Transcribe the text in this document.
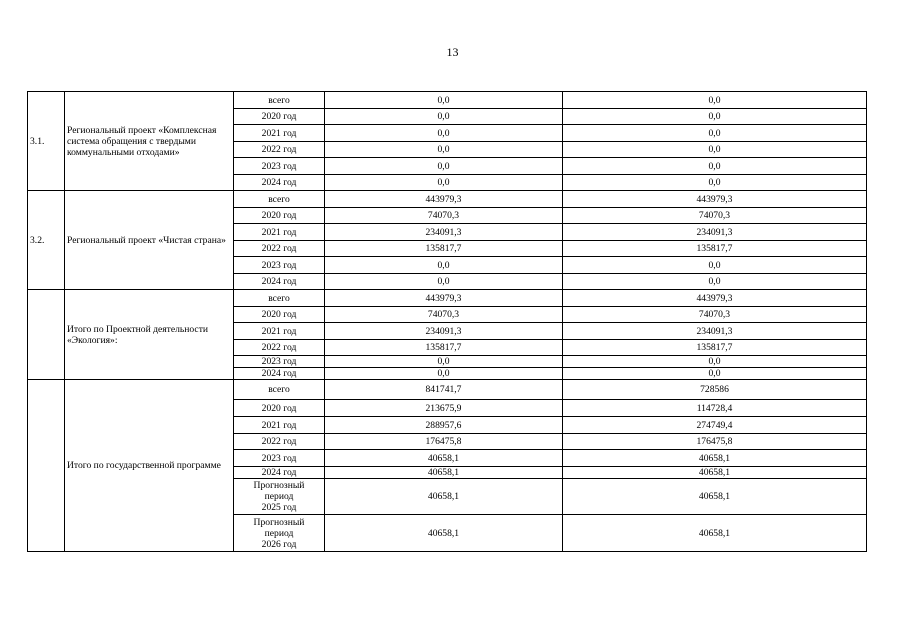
13
3.1.	Региональный проект «Комплексная система обращения с твердыми коммунальными отходами»	всего	0,0	0,0
		2020 год	0,0	0,0
		2021 год	0,0	0,0
		2022 год	0,0	0,0
		2023 год	0,0	0,0
		2024 год	0,0	0,0
3.2.	Региональный проект «Чистая страна»	всего	443979,3	443979,3
		2020 год	74070,3	74070,3
		2021 год	234091,3	234091,3
		2022 год	135817,7	135817,7
		2023 год	0,0	0,0
		2024 год	0,0	0,0
	Итого по Проектной деятельности «Экология»:	всего	443979,3	443979,3
		2020 год	74070,3	74070,3
		2021 год	234091,3	234091,3
		2022 год	135817,7	135817,7
		2023 год	0,0	0,0
		2024 год	0,0	0,0
	Итого по государственной программе	всего	841741,7	728586
		2020 год	213675,9	114728,4
		2021 год	288957,6	274749,4
		2022 год	176475,8	176475,8
		2023 год	40658,1	40658,1
		2024 год	40658,1	40658,1
		Прогнозный
период
2025 год	40658,1	40658,1
		Прогнозный
период
2026 год	40658,1	40658,1
